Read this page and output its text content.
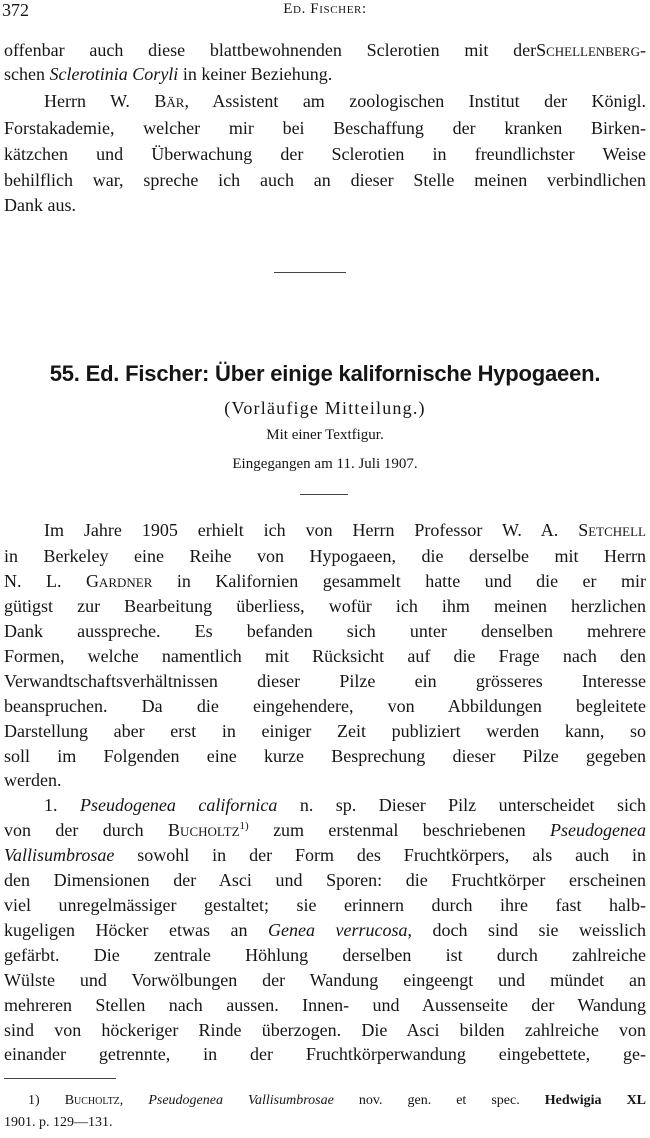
372	Ed. Fischer:
offenbar auch diese blattbewohnenden Sclerotien mit derSchellenberg-
schen Sclerotinia Coryli in keiner Beziehung.
Herrn W. Bär, Assistent am zoologischen Institut der Königl.
Forstakademie, welcher mir bei Beschaffung der kranken Birken-
kätzchen und Überwachung der Sclerotien in freundlichster Weise
behilflich war, spreche ich auch an dieser Stelle meinen verbindlichen
Dank aus.
55. Ed. Fischer: Über einige kalifornische Hypogaeen.
(Vorläufige Mitteilung.)
Mit einer Textfigur.
Eingegangen am 11. Juli 1907.
Im Jahre 1905 erhielt ich von Herrn Professor W. A. Setchell
in Berkeley eine Reihe von Hypogaeen, die derselbe mit Herrn
N. L. Gardner in Kalifornien gesammelt hatte und die er mir
gütigst zur Bearbeitung überliess, wofür ich ihm meinen herzlichen
Dank ausspreche. Es befanden sich unter denselben mehrere
Formen, welche namentlich mit Rücksicht auf die Frage nach den
Verwandtschaftsverhältnissen dieser Pilze ein grösseres Interesse
beanspruchen. Da die eingehendere, von Abbildungen begleitete
Darstellung aber erst in einiger Zeit publiziert werden kann, so
soll im Folgenden eine kurze Besprechung dieser Pilze gegeben
werden.
1. Pseudogenea californica n. sp. Dieser Pilz unterscheidet sich
von der durch Bucholtz$^{1)}$ zum erstenmal beschriebenen Pseudogenea
Vallisumbrosae sowohl in der Form des Fruchtkörpers, als auch in
den Dimensionen der Asci und Sporen: die Fruchtkörper erscheinen
viel unregelmässiger gestaltet; sie erinnern durch ihre fast halb-
kugeligen Höcker etwas an Genea verrucosa, doch sind sie weisslich
gefärbt. Die zentrale Höhlung derselben ist durch zahlreiche
Wülste und Vorwölbungen der Wandung eingeengt und mündet an
mehreren Stellen nach aussen. Innen- und Aussenseite der Wandung
sind von höckeriger Rinde überzogen. Die Asci bilden zahlreiche von
einander getrennte, in der Fruchtkörperwandung eingebettete, ge-
1) Bucholtz, Pseudogenea Vallisumbrosae nov. gen. et spec. Hedwigia XL
1901. p. 129—131.
